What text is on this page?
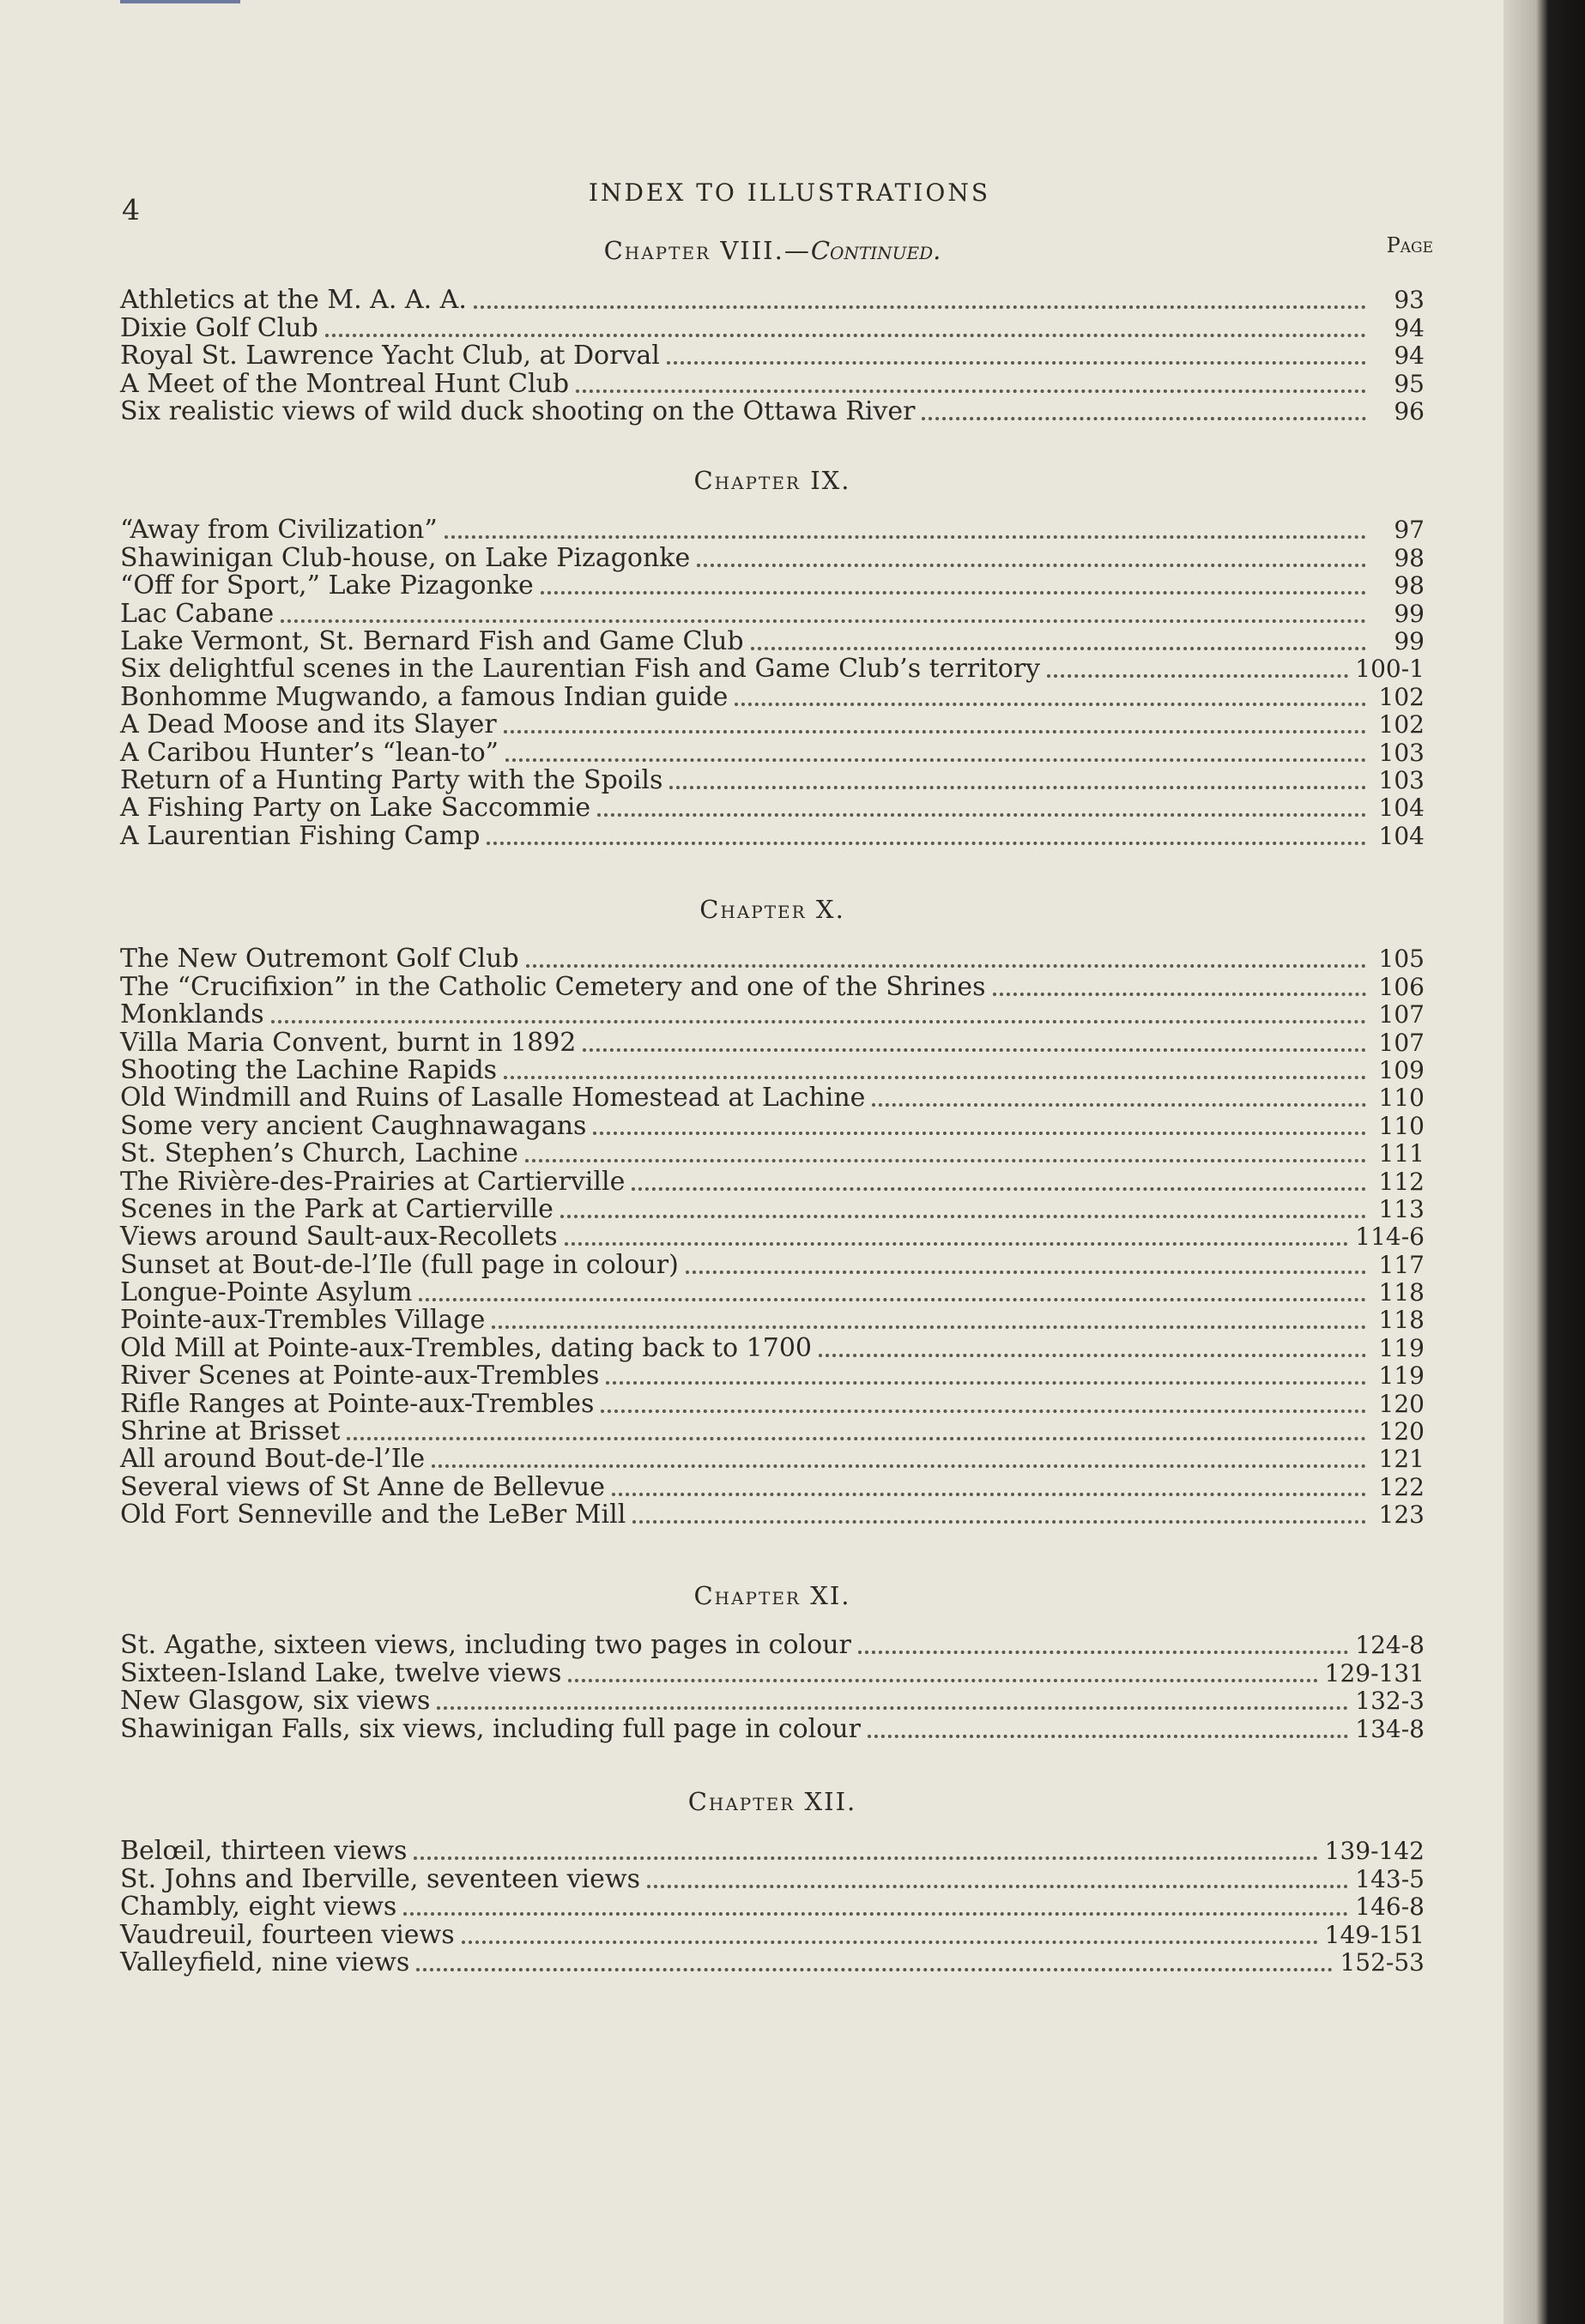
4
INDEX TO ILLUSTRATIONS
Chapter VIII.—Continued.	Page
Athletics at the M. A. A. A.	93
Dixie Golf Club	94
Royal St. Lawrence Yacht Club, at Dorval	94
A Meet of the Montreal Hunt Club	95
Six realistic views of wild duck shooting on the Ottawa River	96
Chapter IX.
“Away from Civilization”	97
Shawinigan Club-house, on Lake Pizagonke	98
“Off for Sport,” Lake Pizagonke	98
Lac Cabane	99
Lake Vermont, St. Bernard Fish and Game Club	99
Six delightful scenes in the Laurentian Fish and Game Club’s territory	100-1
Bonhomme Mugwando, a famous Indian guide	102
A Dead Moose and its Slayer	102
A Caribou Hunter’s “lean-to”	103
Return of a Hunting Party with the Spoils	103
A Fishing Party on Lake Saccommie	104
A Laurentian Fishing Camp	104
Chapter X.
The New Outremont Golf Club	105
The “Crucifixion” in the Catholic Cemetery and one of the Shrines	106
Monklands	107
Villa Maria Convent, burnt in 1892	107
Shooting the Lachine Rapids	109
Old Windmill and Ruins of Lasalle Homestead at Lachine	110
Some very ancient Caughnawagans	110
St. Stephen’s Church, Lachine	111
The Rivière-des-Prairies at Cartierville	112
Scenes in the Park at Cartierville	113
Views around Sault-aux-Recollets	114-6
Sunset at Bout-de-l’Ile (full page in colour)	117
Longue-Pointe Asylum	118
Pointe-aux-Trembles Village	118
Old Mill at Pointe-aux-Trembles, dating back to 1700	119
River Scenes at Pointe-aux-Trembles	119
Rifle Ranges at Pointe-aux-Trembles	120
Shrine at Brisset	120
All around Bout-de-l’Ile	121
Several views of St Anne de Bellevue	122
Old Fort Senneville and the LeBer Mill	123
Chapter XI.
St. Agathe, sixteen views, including two pages in colour	124-8
Sixteen-Island Lake, twelve views	129-131
New Glasgow, six views	132-3
Shawinigan Falls, six views, including full page in colour	134-8
Chapter XII.
Belœil, thirteen views	139-142
St. Johns and Iberville, seventeen views	143-5
Chambly, eight views	146-8
Vaudreuil, fourteen views	149-151
Valleyfield, nine views	152-53
